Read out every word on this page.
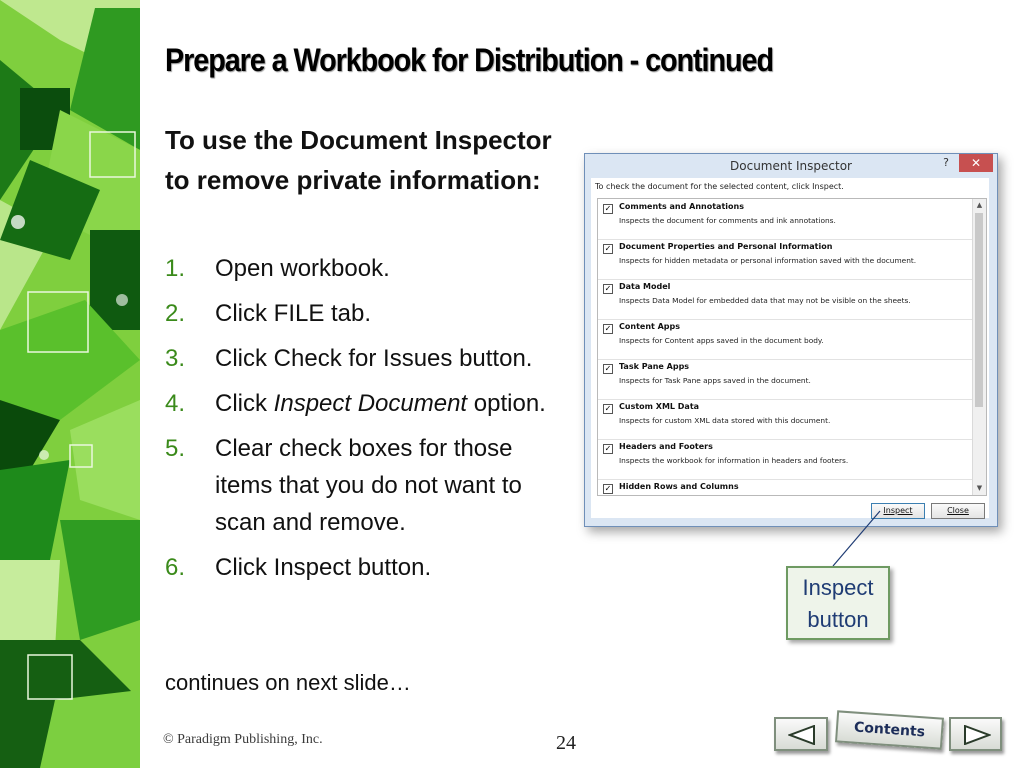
Prepare a Workbook for Distribution - continued
To use the Document Inspector to remove private information:
1. Open workbook.
2. Click FILE tab.
3. Click Check for Issues button.
4. Click Inspect Document option.
5. Clear check boxes for those items that you do not want to scan and remove.
6. Click Inspect button.
continues on next slide…
Document Inspector	?	✕
To check the document for the selected content, click Inspect.
✓ Comments and Annotations
Inspects the document for comments and ink annotations.
✓ Document Properties and Personal Information
Inspects for hidden metadata or personal information saved with the document.
✓ Data Model
Inspects Data Model for embedded data that may not be visible on the sheets.
✓ Content Apps
Inspects for Content apps saved in the document body.
✓ Task Pane Apps
Inspects for Task Pane apps saved in the document.
✓ Custom XML Data
Inspects for custom XML data stored with this document.
✓ Headers and Footers
Inspects the workbook for information in headers and footers.
✓ Hidden Rows and Columns
▲
▼
Inspect	Close
Inspect button
© Paradigm Publishing, Inc.	24
Contents
